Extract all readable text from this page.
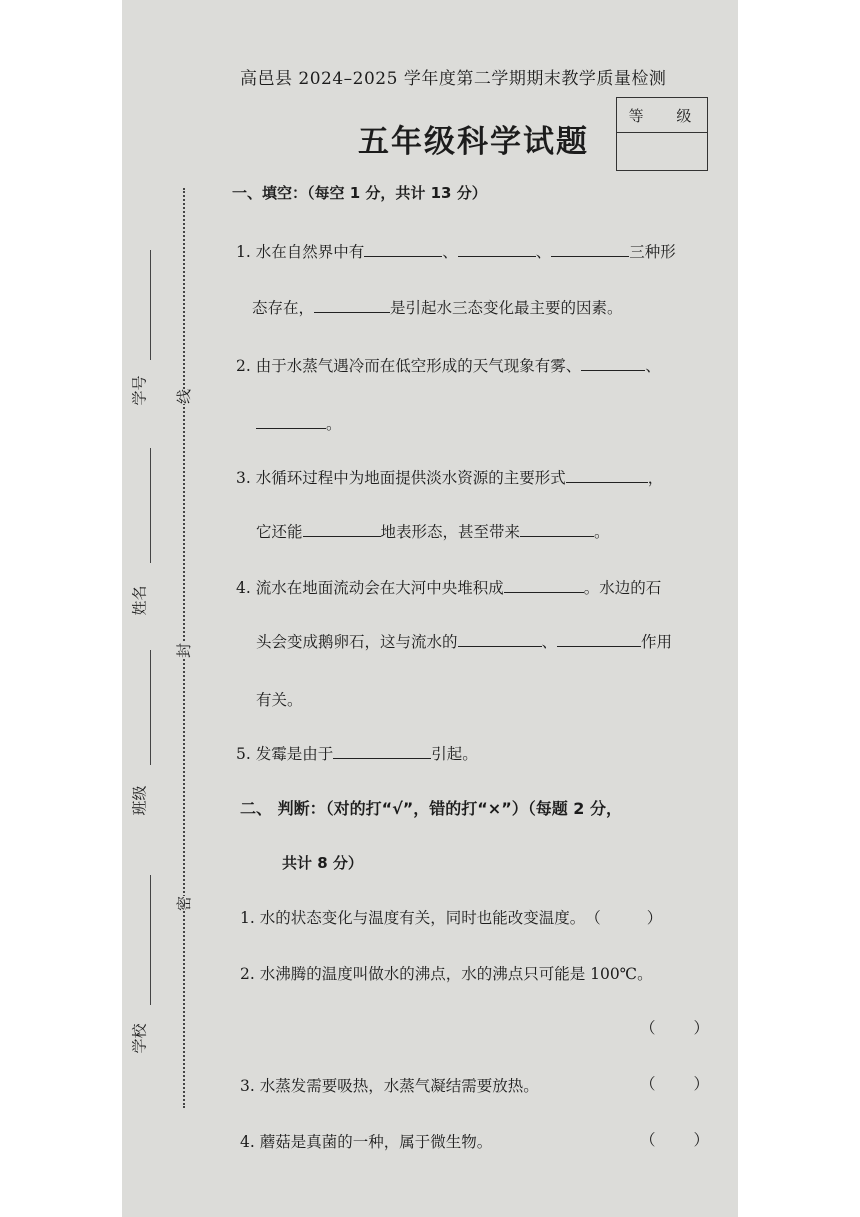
高邑县 2024–2025 学年度第二学期期末教学质量检测
五年级科学试题
等 级
学号
姓名
班级
学校
线
封
密
一、填空：（每空 1 分，共计 13 分）
1. 水在自然界中有	、	、	三种形
态存在，	是引起水三态变化最主要的因素。
2. 由于水蒸气遇冷而在低空形成的天气现象有雾、	、
。
3. 水循环过程中为地面提供淡水资源的主要形式	，
它还能	地表形态，甚至带来	。
4. 流水在地面流动会在大河中央堆积成	。水边的石
头会变成鹅卵石，这与流水的	、	作用
有关。
5. 发霉是由于	引起。
二、 判断：（对的打“√”，错的打“×”）（每题 2 分，
共计 8 分）
1. 水的状态变化与温度有关，同时也能改变温度。（	）
2. 水沸腾的温度叫做水的沸点，水的沸点只可能是 100℃。
（ ）
3. 水蒸发需要吸热，水蒸气凝结需要放热。	（ ）
4. 蘑菇是真菌的一种，属于微生物。	（ ）
